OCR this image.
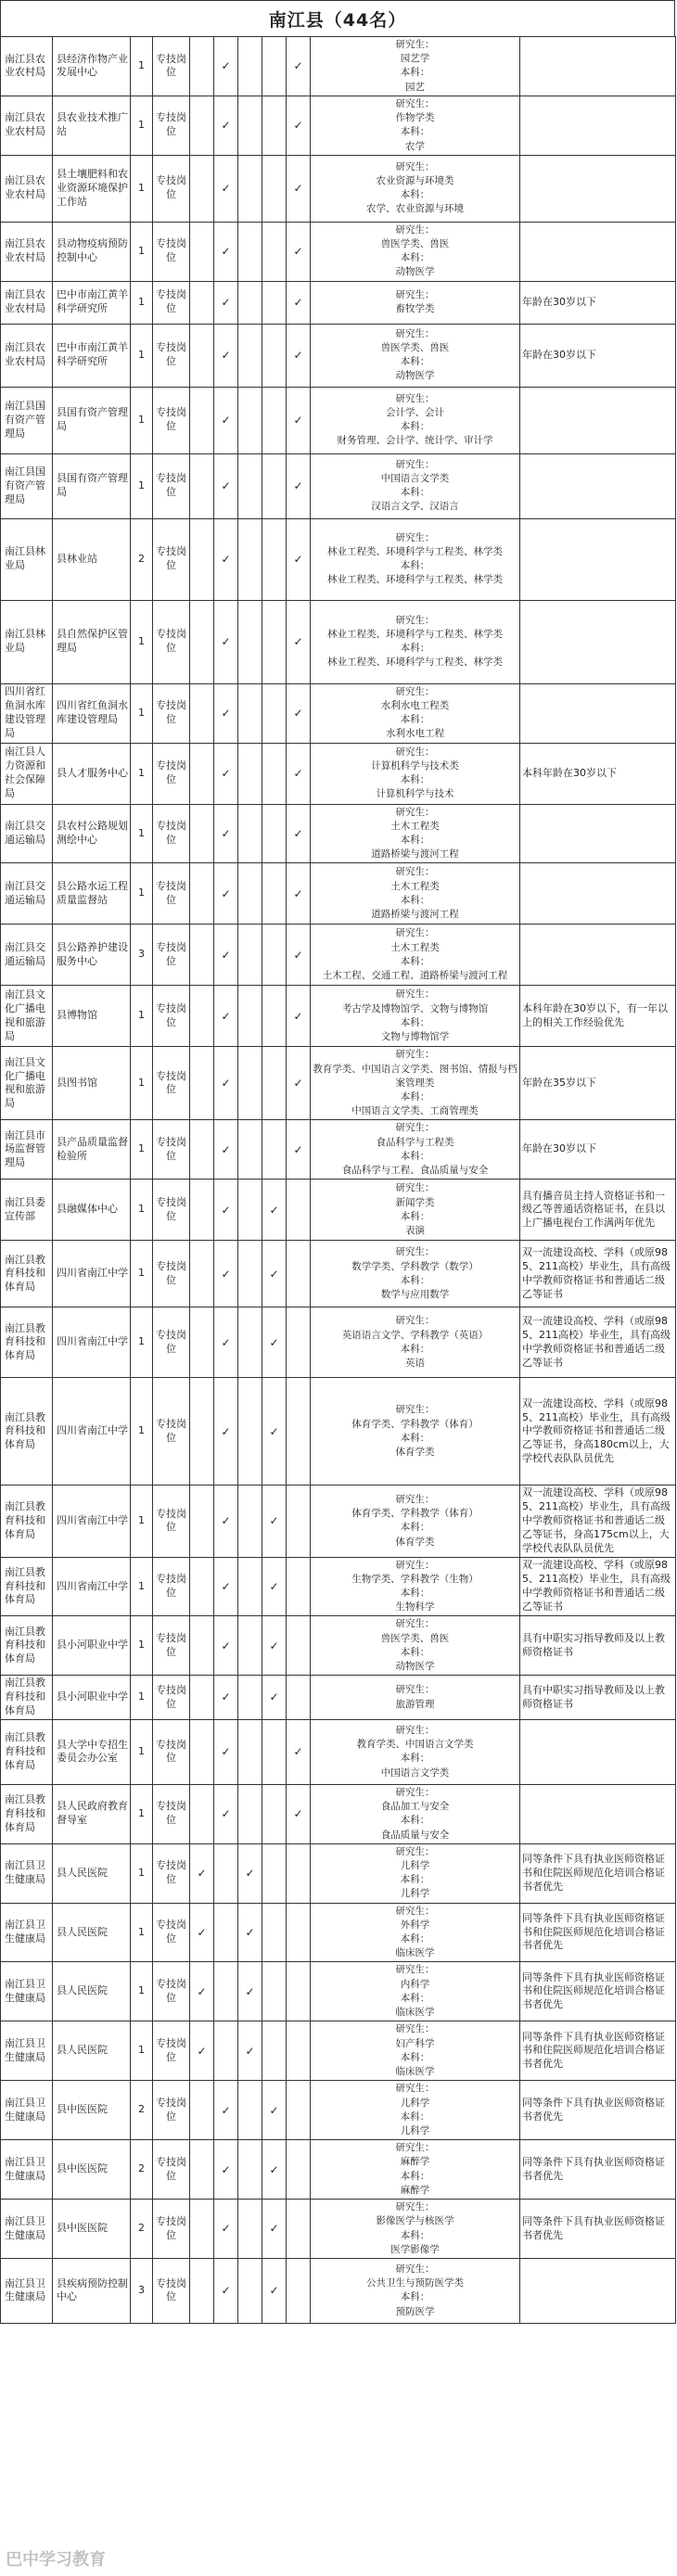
南江县（44名）
南江县农业农村局	县经济作物产业发展中心	1	专技岗位		✓			✓	研究生：
园艺学
本科：
园艺	
南江县农业农村局	县农业技术推广站	1	专技岗位		✓			✓	研究生：
作物学类
本科：
农学	
南江县农业农村局	县土壤肥料和农业资源环境保护工作站	1	专技岗位		✓			✓	研究生：
农业资源与环境类
本科：
农学、农业资源与环境	
南江县农业农村局	县动物疫病预防控制中心	1	专技岗位		✓			✓	研究生：
兽医学类、兽医
本科：
动物医学	
南江县农业农村局	巴中市南江黄羊科学研究所	1	专技岗位		✓			✓	研究生：
畜牧学类	年龄在30岁以下
南江县农业农村局	巴中市南江黄羊科学研究所	1	专技岗位		✓			✓	研究生：
兽医学类、兽医
本科：
动物医学	年龄在30岁以下
南江县国有资产管理局	县国有资产管理局	1	专技岗位		✓			✓	研究生：
会计学、会计
本科：
财务管理、会计学、统计学、审计学	
南江县国有资产管理局	县国有资产管理局	1	专技岗位		✓			✓	研究生：
中国语言文学类
本科：
汉语言文学、汉语言	
南江县林业局	县林业站	2	专技岗位		✓			✓	研究生：
林业工程类、环境科学与工程类、林学类
本科：
林业工程类、环境科学与工程类、林学类	
南江县林业局	县自然保护区管理局	1	专技岗位		✓			✓	研究生：
林业工程类、环境科学与工程类、林学类
本科：
林业工程类、环境科学与工程类、林学类	
四川省红鱼洞水库建设管理局	四川省红鱼洞水库建设管理局	1	专技岗位		✓			✓	研究生：
水利水电工程类
本科：
水利水电工程	
南江县人力资源和社会保障局	县人才服务中心	1	专技岗位		✓			✓	研究生：
计算机科学与技术类
本科：
计算机科学与技术	本科年龄在30岁以下
南江县交通运输局	县农村公路规划测绘中心	1	专技岗位		✓			✓	研究生：
土木工程类
本科：
道路桥梁与渡河工程	
南江县交通运输局	县公路水运工程质量监督站	1	专技岗位		✓			✓	研究生：
土木工程类
本科：
道路桥梁与渡河工程	
南江县交通运输局	县公路养护建设服务中心	3	专技岗位		✓			✓	研究生：
土木工程类
本科：
土木工程、交通工程、道路桥梁与渡河工程	
南江县文化广播电视和旅游局	县博物馆	1	专技岗位		✓			✓	研究生：
考古学及博物馆学、文物与博物馆
本科：
文物与博物馆学	本科年龄在30岁以下，有一年以上的相关工作经验优先
南江县文化广播电视和旅游局	县图书馆	1	专技岗位		✓			✓	研究生：
教育学类、中国语言文学类、图书馆、情报与档案管理类
本科：
中国语言文学类、工商管理类	年龄在35岁以下
南江县市场监督管理局	县产品质量监督检验所	1	专技岗位		✓			✓	研究生：
食品科学与工程类
本科：
食品科学与工程、食品质量与安全	年龄在30岁以下
南江县委宣传部	县融媒体中心	1	专技岗位		✓		✓		研究生：
新闻学类
本科：
表演	具有播音员主持人资格证书和一级乙等普通话资格证书，在县以上广播电视台工作满两年优先
南江县教育科技和体育局	四川省南江中学	1	专技岗位		✓		✓		研究生：
数学学类、学科教学（数学）
本科：
数学与应用数学	双一流建设高校、学科（或原985、211高校）毕业生，具有高级中学教师资格证书和普通话二级乙等证书
南江县教育科技和体育局	四川省南江中学	1	专技岗位		✓		✓		研究生：
英语语言文学、学科教学（英语）
本科：
英语	双一流建设高校、学科（或原985、211高校）毕业生，具有高级中学教师资格证书和普通话二级乙等证书
南江县教育科技和体育局	四川省南江中学	1	专技岗位		✓		✓		研究生：
体育学类、学科教学（体育）
本科：
体育学类	双一流建设高校、学科（或原985、211高校）毕业生，具有高级中学教师资格证书和普通话二级乙等证书，身高180cm以上，大学校代表队队员优先
南江县教育科技和体育局	四川省南江中学	1	专技岗位		✓		✓		研究生：
体育学类、学科教学（体育）
本科：
体育学类	双一流建设高校、学科（或原985、211高校）毕业生，具有高级中学教师资格证书和普通话二级乙等证书，身高175cm以上，大学校代表队队员优先
南江县教育科技和体育局	四川省南江中学	1	专技岗位		✓		✓		研究生：
生物学类、学科教学（生物）
本科：
生物科学	双一流建设高校、学科（或原985、211高校）毕业生，具有高级中学教师资格证书和普通话二级乙等证书
南江县教育科技和体育局	县小河职业中学	1	专技岗位		✓		✓		研究生：
兽医学类、兽医
本科：
动物医学	具有中职实习指导教师及以上教师资格证书
南江县教育科技和体育局	县小河职业中学	1	专技岗位		✓		✓		研究生：
旅游管理	具有中职实习指导教师及以上教师资格证书
南江县教育科技和体育局	县大学中专招生委员会办公室	1	专技岗位		✓			✓	研究生：
教育学类、中国语言文学类
本科：
中国语言文学类	
南江县教育科技和体育局	县人民政府教育督导室	1	专技岗位		✓			✓	研究生：
食品加工与安全
本科：
食品质量与安全	
南江县卫生健康局	县人民医院	1	专技岗位	✓		✓			研究生：
儿科学
本科：
儿科学	同等条件下具有执业医师资格证书和住院医师规范化培训合格证书者优先
南江县卫生健康局	县人民医院	1	专技岗位	✓		✓			研究生：
外科学
本科：
临床医学	同等条件下具有执业医师资格证书和住院医师规范化培训合格证书者优先
南江县卫生健康局	县人民医院	1	专技岗位	✓		✓			研究生：
内科学
本科：
临床医学	同等条件下具有执业医师资格证书和住院医师规范化培训合格证书者优先
南江县卫生健康局	县人民医院	1	专技岗位	✓		✓			研究生：
妇产科学
本科：
临床医学	同等条件下具有执业医师资格证书和住院医师规范化培训合格证书者优先
南江县卫生健康局	县中医医院	2	专技岗位		✓		✓		研究生：
儿科学
本科：
儿科学	同等条件下具有执业医师资格证书者优先
南江县卫生健康局	县中医医院	2	专技岗位		✓		✓		研究生：
麻醉学
本科：
麻醉学	同等条件下具有执业医师资格证书者优先
南江县卫生健康局	县中医医院	2	专技岗位		✓		✓		研究生：
影像医学与核医学
本科：
医学影像学	同等条件下具有执业医师资格证书者优先
南江县卫生健康局	县疾病预防控制中心	3	专技岗位		✓		✓		研究生：
公共卫生与预防医学类
本科：
预防医学	
巴中学习教育
